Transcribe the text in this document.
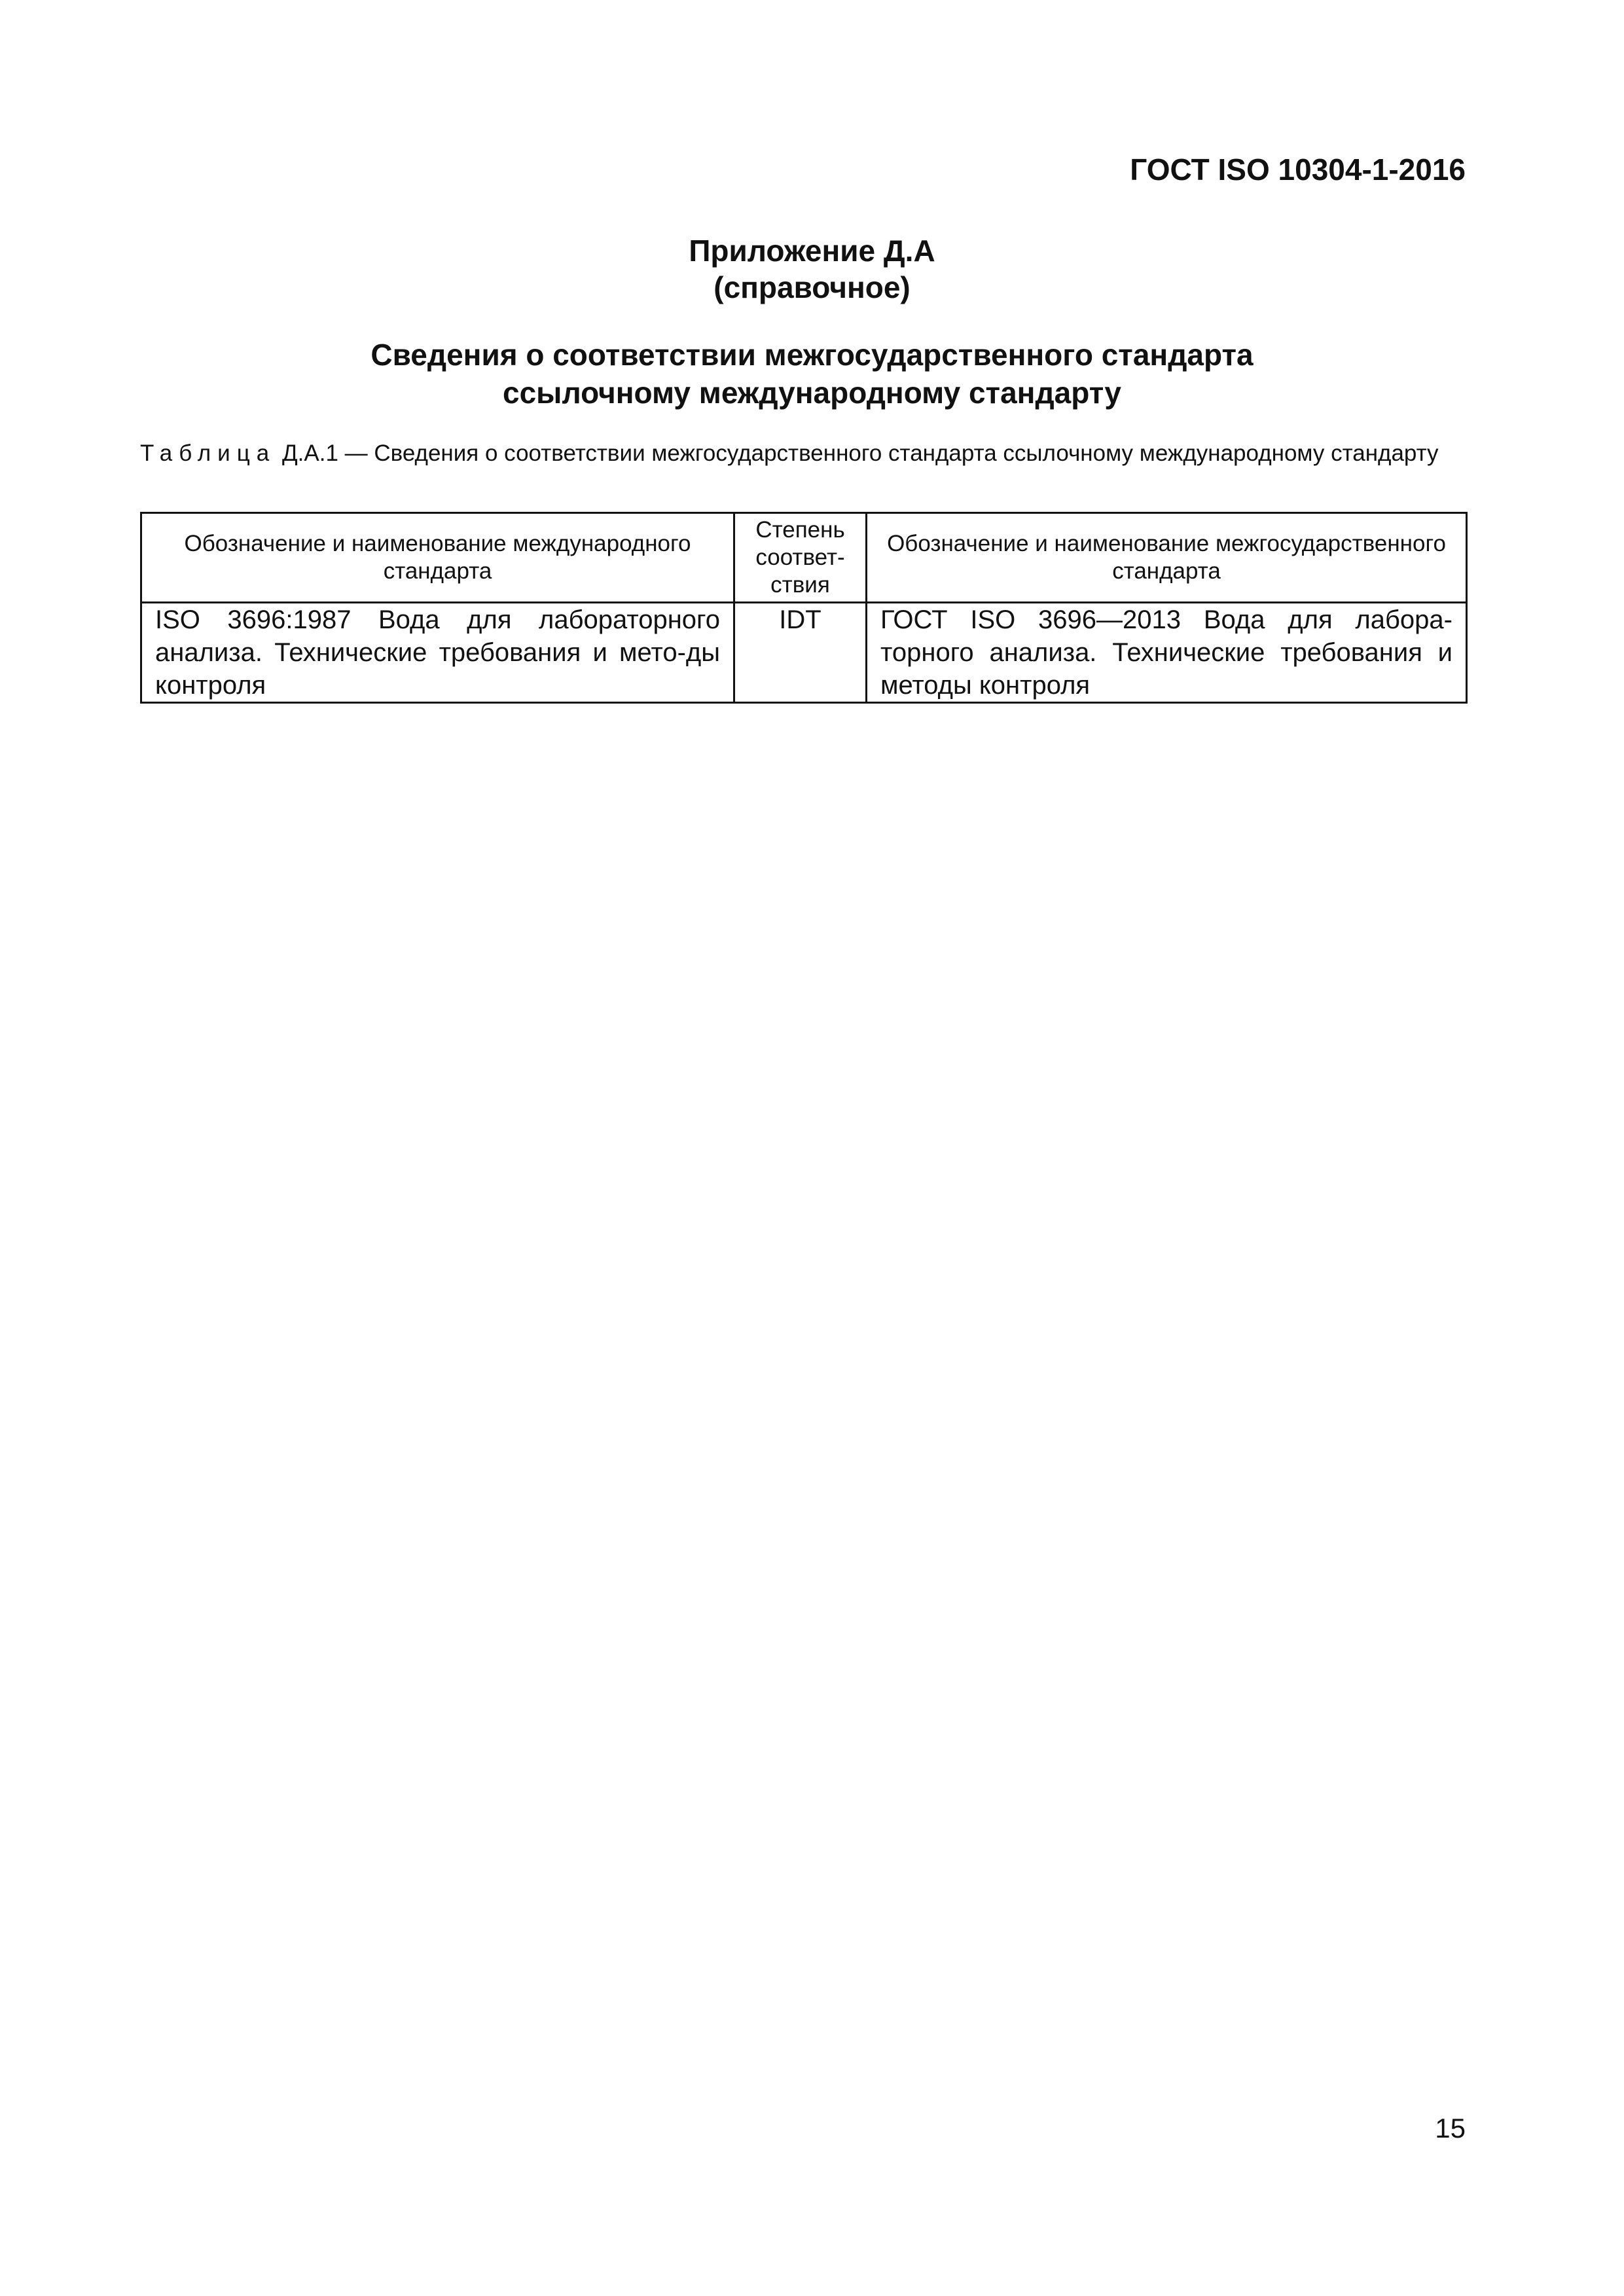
ГОСТ ISO 10304-1-2016
Приложение Д.А
(справочное)
Сведения о соответствии межгосударственного стандарта
ссылочному международному стандарту
Таблица Д.А.1 — Сведения о соответствии межгосударственного стандарта ссылочному международному стандарту
Обозначение и наименование международного стандарта	Степень соответ-ствия	Обозначение и наименование межгосударственного стандарта
ISO 3696:1987 Вода для лабораторного анализа. Технические требования и мето-ды контроля	IDT	ГОСТ ISO 3696—2013 Вода для лабора-торного анализа. Технические требования и методы контроля
15
